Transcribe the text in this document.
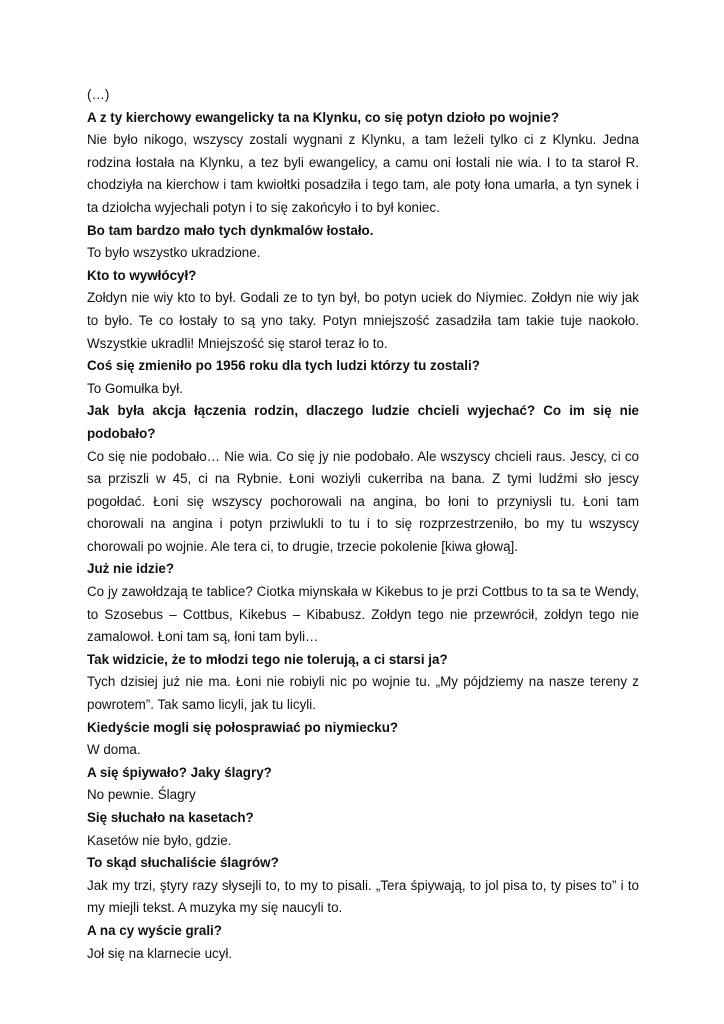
(…)

A z ty kierchowy ewangelicky ta na Klynku, co się potyn dzioło po wojnie?

Nie było nikogo, wszyscy zostali wygnani z Klynku, a tam leżeli tylko ci z Klynku. Jedna rodzina łostała na Klynku, a tez byli ewangelicy, a camu oni łostali nie wia. I to ta staroł R. chodziyła na kierchow i tam kwiołtki posadziła i tego tam, ale poty łona umarła, a tyn synek i ta dziołcha wyjechali potyn i to się zakońcyło i to był koniec.

Bo tam bardzo mało tych dynkmalów łostało.

To było wszystko ukradzione.

Kto to wywłócył?

Zołdyn nie wiy kto to był. Godali ze to tyn był, bo potyn uciek do Niymiec. Zołdyn nie wiy jak to było. Te co łostały to są yno taky. Potyn mniejszość zasadziła tam takie tuje naokoło. Wszystkie ukradli! Mniejszość się staroł teraz ło to.

Coś się zmieniło po 1956 roku dla tych ludzi którzy tu zostali?

To Gomułka był.

Jak była akcja łączenia rodzin, dlaczego ludzie chcieli wyjechać? Co im się nie podobało?

Co się nie podobało… Nie wia. Co się jy nie podobało. Ale wszyscy chcieli raus. Jescy, ci co sa prziszli w 45, ci na Rybnie. Łoni woziyli cukerriba na bana. Z tymi ludźmi sło jescy pogołdać. Łoni się wszyscy pochorowali na angina, bo łoni to przyniysli tu. Łoni tam chorowali na angina i potyn prziwlukli to tu i to się rozprzestrzeniło, bo my tu wszyscy chorowali po wojnie. Ale tera ci, to drugie, trzecie pokolenie [kiwa głową].

Już nie idzie?

Co jy zawołdzają te tablice? Ciotka miynskała w Kikebus to je przi Cottbus to ta sa te Wendy, to Szosebus – Cottbus, Kikebus – Kibabusz. Zołdyn tego nie przewrócił, zołdyn tego nie zamalowoł. Łoni tam są, łoni tam byli…

Tak widzicie, że to młodzi tego nie tolerują, a ci starsi ja?

Tych dzisiej już nie ma. Łoni nie robiyli nic po wojnie tu. „My pójdziemy na nasze tereny z powrotem”. Tak samo licyli, jak tu licyli.

Kiedyście mogli się połosprawiać po niymiecku?

W doma.

A się śpiywało? Jaky ślagry?

No pewnie. Ślagry

Się słuchało na kasetach?

Kasetów nie było, gdzie.

To skąd słuchaliście ślagrów?

Jak my trzi, ştyry razy słysejli to, to my to pisali. „Tera śpiywają, to jol pisa to, ty pises to” i to my miejli tekst. A muzyka my się naucyli to.

A na cy wyście grali?

Joł się na klarnecie ucył.
